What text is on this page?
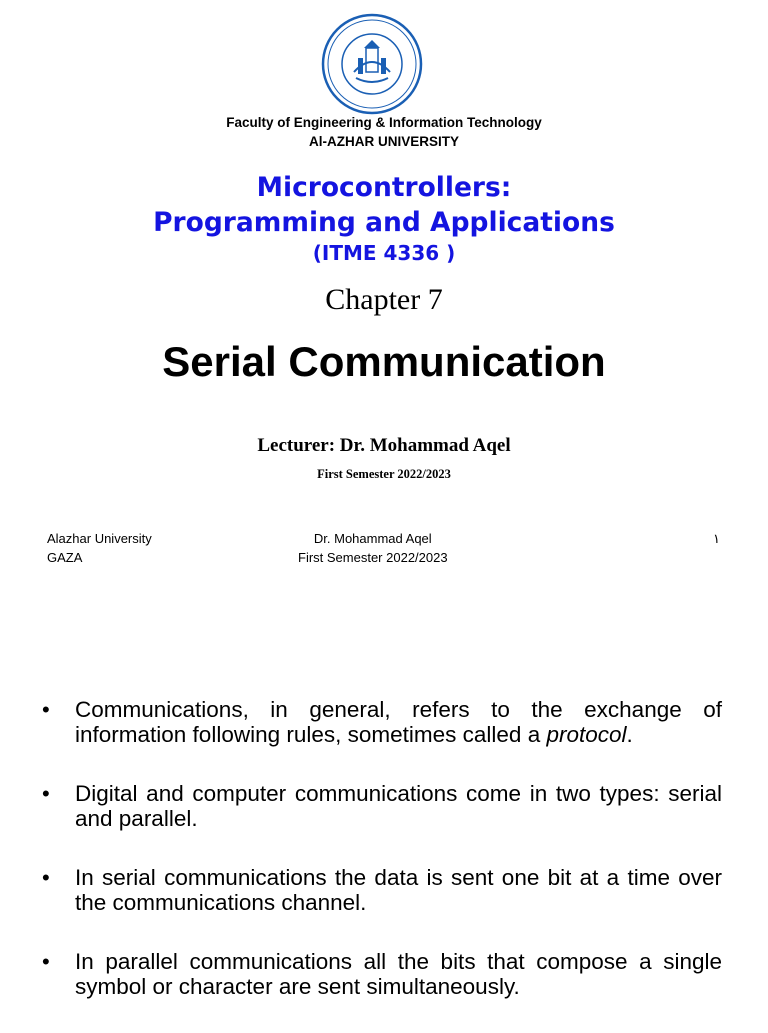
Faculty of Engineering & Information Technology
Al-AZHAR UNIVERSITY
Microcontrollers:
Programming and Applications
(ITME 4336 )
Chapter 7
Serial Communication
Lecturer: Dr. Mohammad Aqel
First Semester 2022/2023
Alazhar University
GAZA
Dr. Mohammad Aqel
First Semester 2022/2023
١
•	Communications, in general, refers to the exchange of information following rules, sometimes called a protocol.
•	Digital and computer communications come in two types: serial and parallel.
•	In serial communications the data is sent one bit at a time over the communications channel.
•	In parallel communications all the bits that compose a single symbol or character are sent simultaneously.
